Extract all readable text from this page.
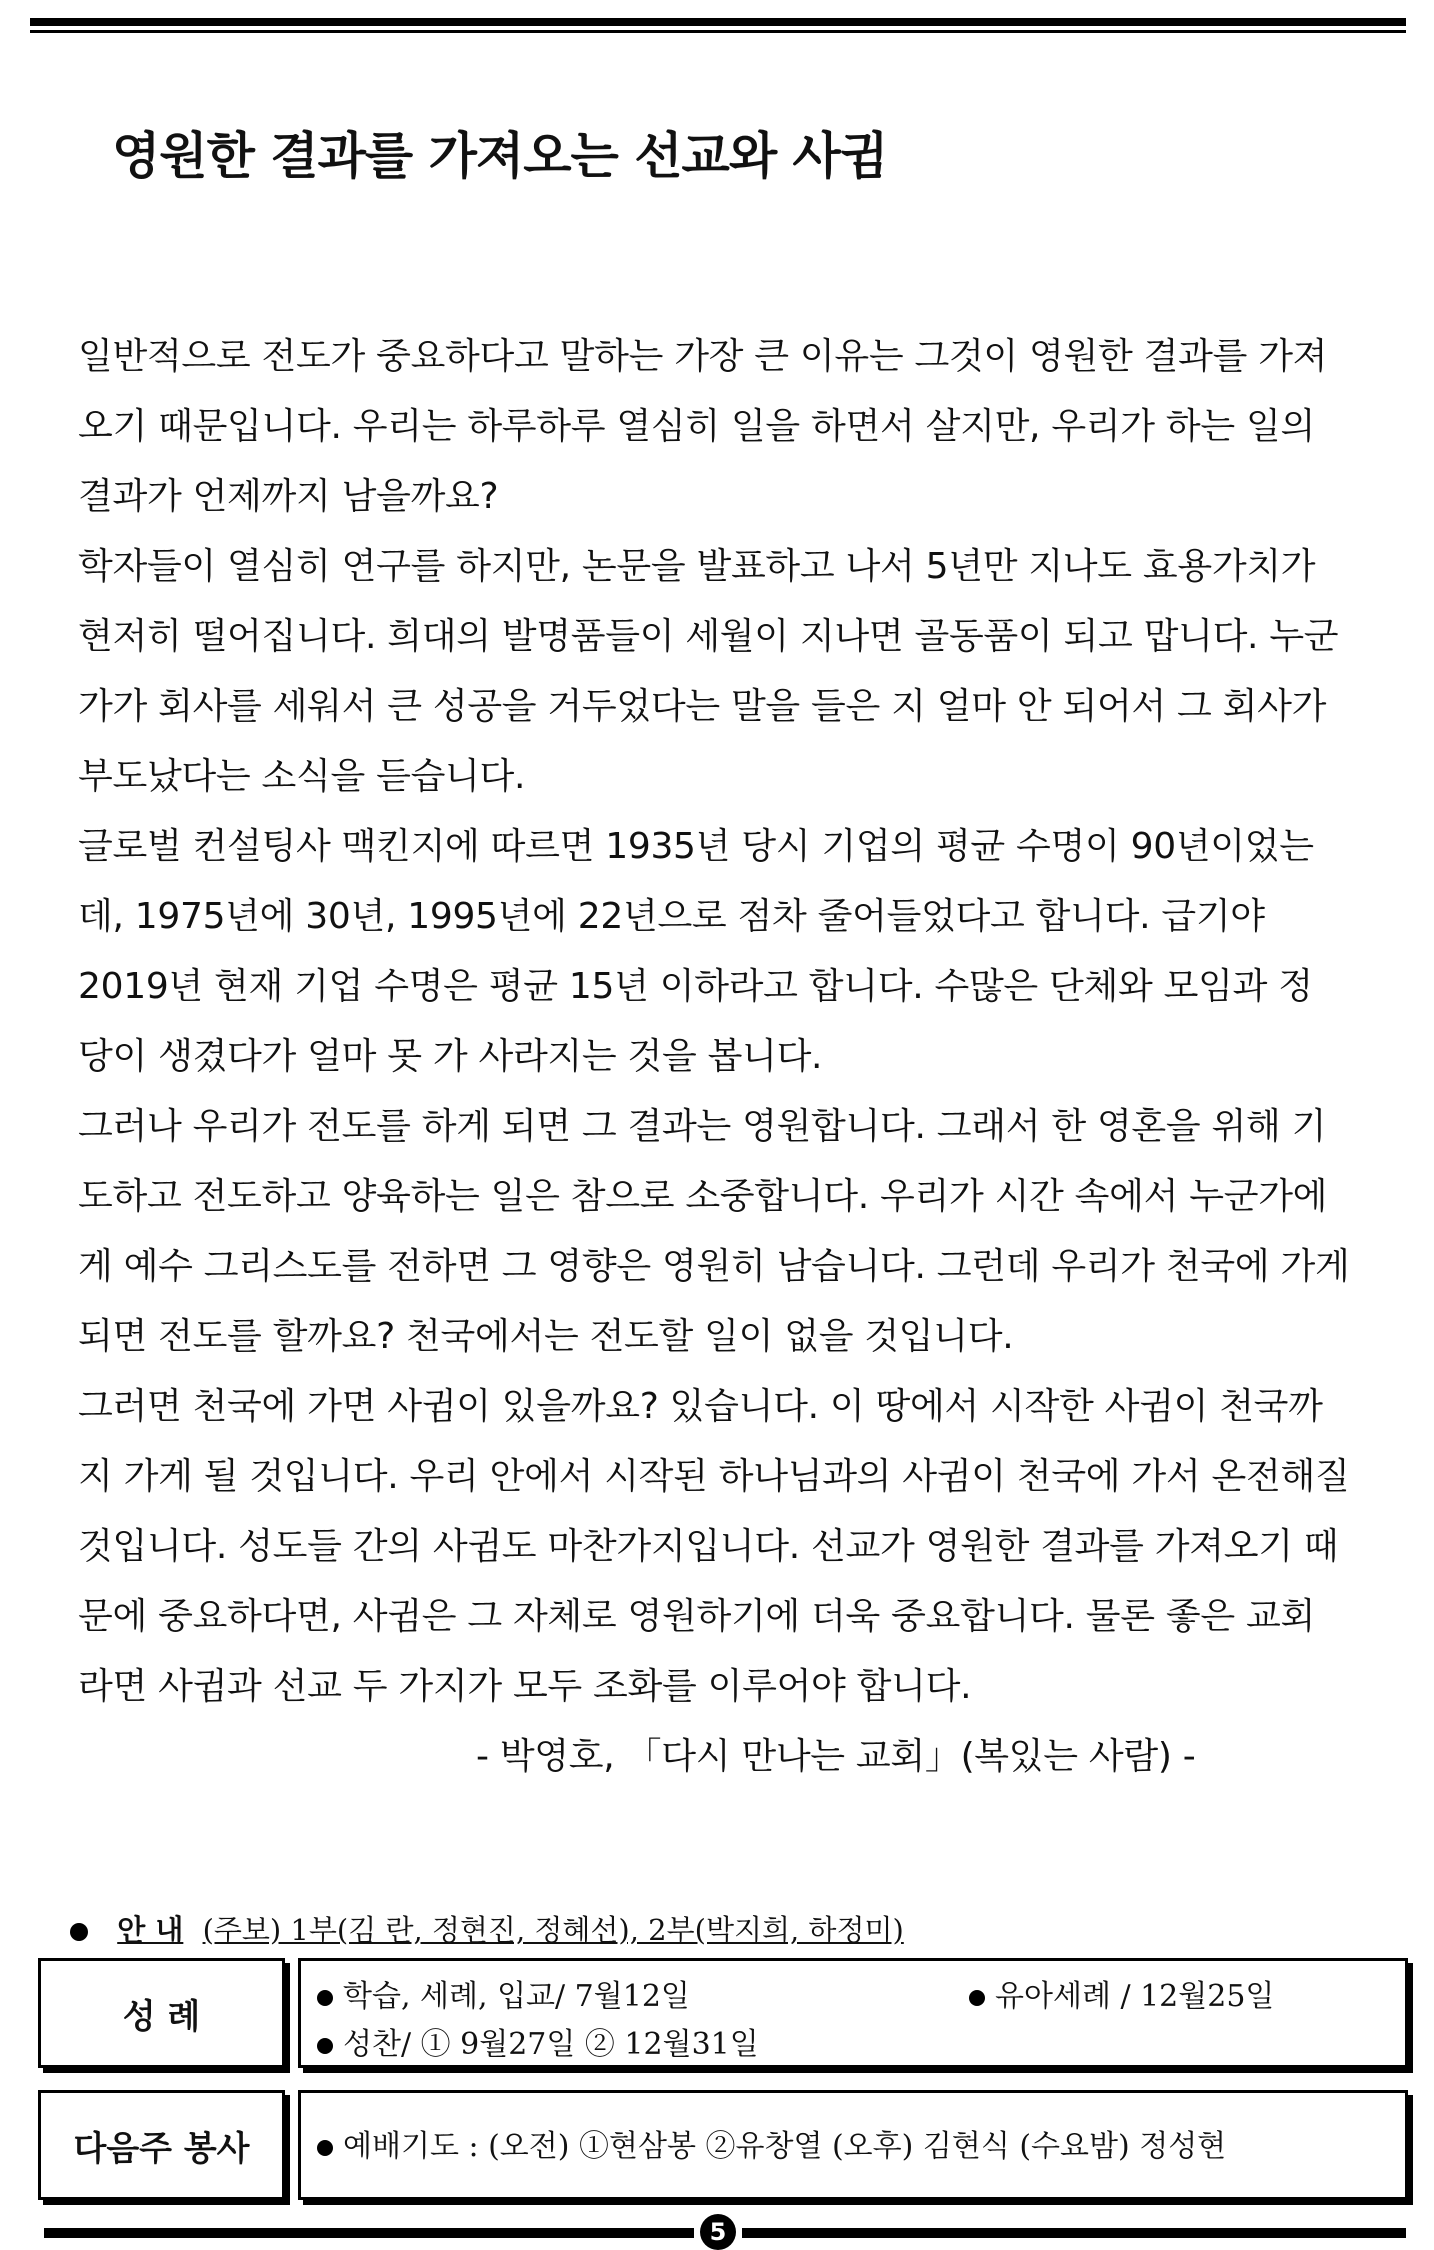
영원한 결과를 가져오는 선교와 사귐
일반적으로 전도가 중요하다고 말하는 가장 큰 이유는 그것이 영원한 결과를 가져
오기 때문입니다. 우리는 하루하루 열심히 일을 하면서 살지만, 우리가 하는 일의
결과가 언제까지 남을까요?
학자들이 열심히 연구를 하지만, 논문을 발표하고 나서 5년만 지나도 효용가치가
현저히 떨어집니다. 희대의 발명품들이 세월이 지나면 골동품이 되고 맙니다. 누군
가가 회사를 세워서 큰 성공을 거두었다는 말을 들은 지 얼마 안 되어서 그 회사가
부도났다는 소식을 듣습니다.
글로벌 컨설팅사 맥킨지에 따르면 1935년 당시 기업의 평균 수명이 90년이었는
데, 1975년에 30년, 1995년에 22년으로 점차 줄어들었다고 합니다. 급기야
2019년 현재 기업 수명은 평균 15년 이하라고 합니다. 수많은 단체와 모임과 정
당이 생겼다가 얼마 못 가 사라지는 것을 봅니다.
그러나 우리가 전도를 하게 되면 그 결과는 영원합니다. 그래서 한 영혼을 위해 기
도하고 전도하고 양육하는 일은 참으로 소중합니다. 우리가 시간 속에서 누군가에
게 예수 그리스도를 전하면 그 영향은 영원히 남습니다. 그런데 우리가 천국에 가게
되면 전도를 할까요? 천국에서는 전도할 일이 없을 것입니다.
그러면 천국에 가면 사귐이 있을까요? 있습니다. 이 땅에서 시작한 사귐이 천국까
지 가게 될 것입니다. 우리 안에서 시작된 하나님과의 사귐이 천국에 가서 온전해질
것입니다. 성도들 간의 사귐도 마찬가지입니다. 선교가 영원한 결과를 가져오기 때
문에 중요하다면, 사귐은 그 자체로 영원하기에 더욱 중요합니다. 물론 좋은 교회
라면 사귐과 선교 두 가지가 모두 조화를 이루어야 합니다.
- 박영호, 「다시 만나는 교회」(복있는 사람) -
안 내 (주보) 1부(김 란, 정현진, 정혜선), 2부(박지희, 하정미)
성 례	학습, 세례, 입교/ 7월12일	유아세례 / 12월25일
성찬/ ① 9월27일 ② 12월31일
다음주 봉사	예배기도 : (오전) ①현삼봉 ②유창열 (오후) 김현식 (수요밤) 정성현
5
